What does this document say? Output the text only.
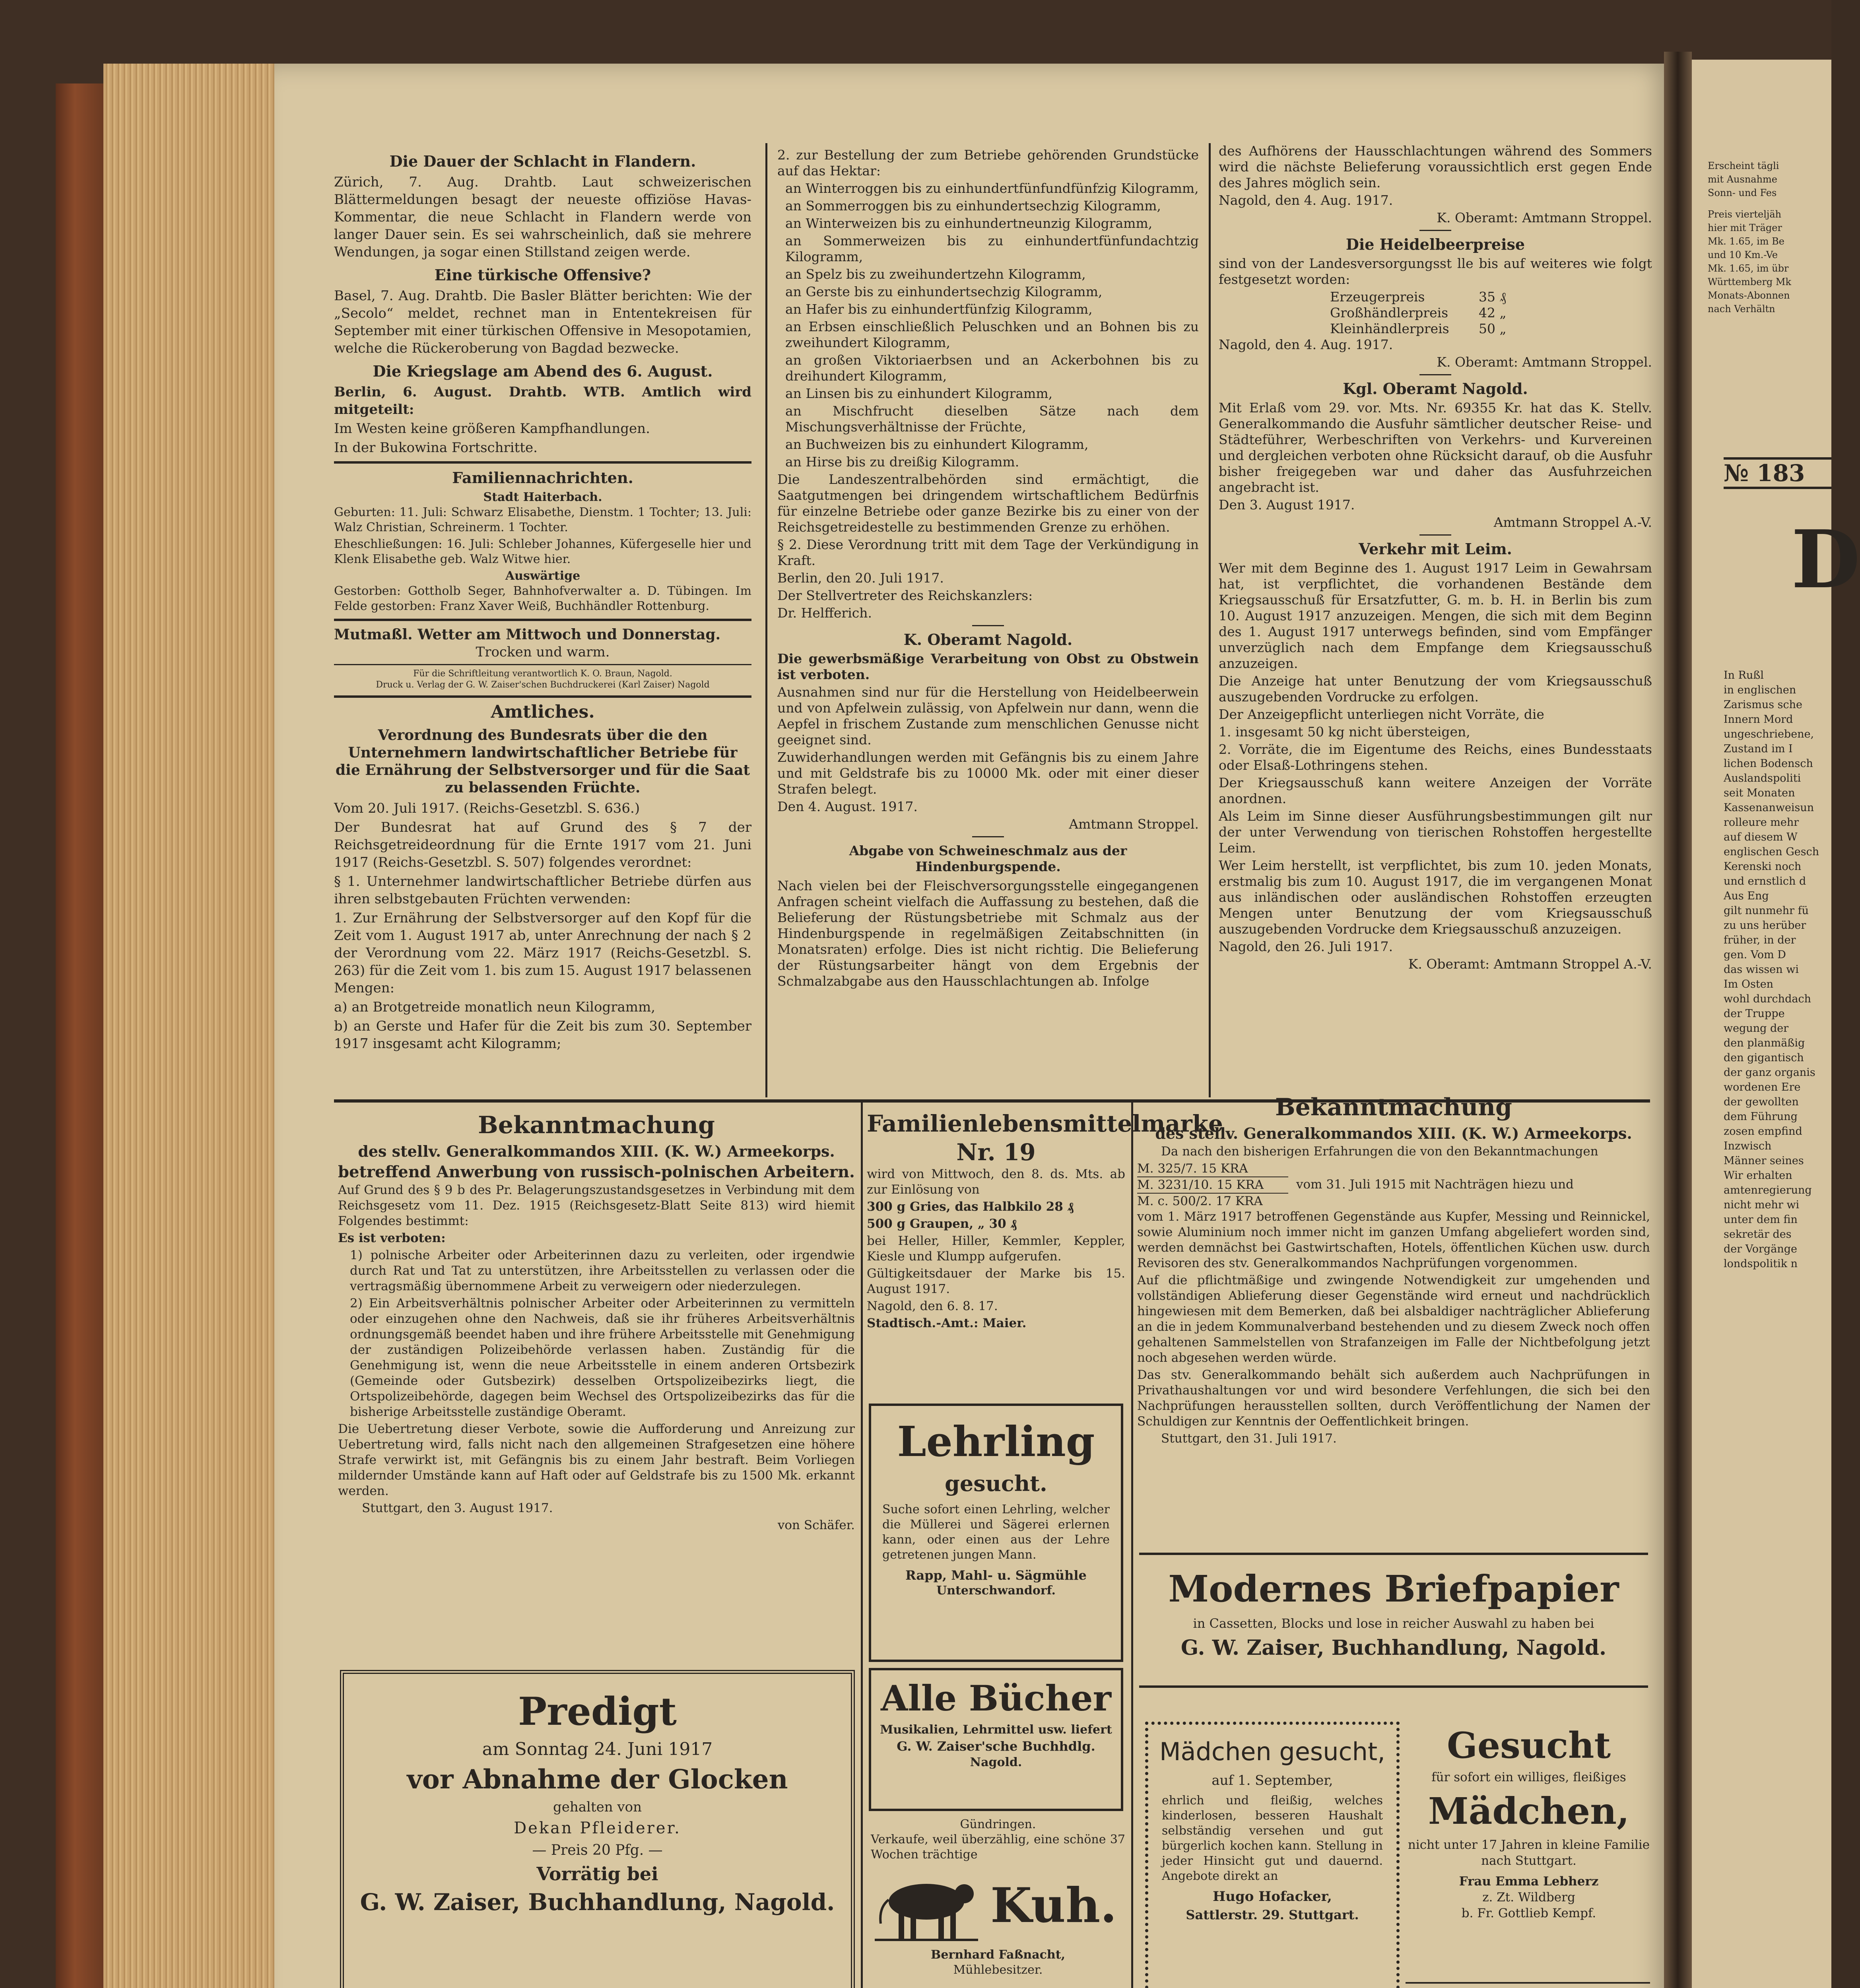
Die Dauer der Schlacht in Flandern.

Zürich, 7. Aug. Drahtb. Laut schweizerischen Blättermeldungen besagt der neueste offiziöse Havas-Kommentar, die neue Schlacht in Flandern werde von langer Dauer sein. Es sei wahrscheinlich, daß sie mehrere Wendungen, ja sogar einen Stillstand zeigen werde.

Eine türkische Offensive?

Basel, 7. Aug. Drahtb. Die Basler Blätter berichten: Wie der „Secolo“ meldet, rechnet man in Ententekreisen für September mit einer türkischen Offensive in Mesopotamien, welche die Rückeroberung von Bagdad bezwecke.

Die Kriegslage am Abend des 6. August.

Berlin, 6. August. Drahtb. WTB. Amtlich wird mitgeteilt:

Im Westen keine größeren Kampfhandlungen.

In der Bukowina Fortschritte.

Familiennachrichten.
Stadt Haiterbach.

Geburten: 11. Juli: Schwarz Elisabethe, Dienstm. 1 Tochter; 13. Juli: Walz Christian, Schreinerm. 1 Tochter.

Eheschließungen: 16. Juli: Schleber Johannes, Küfergeselle hier und Klenk Elisabethe geb. Walz Witwe hier.

Auswärtige

Gestorben: Gottholb Seger, Bahnhofverwalter a. D. Tübingen. Im Felde gestorben: Franz Xaver Weiß, Buchhändler Rottenburg.

Mutmaßl. Wetter am Mittwoch und Donnerstag.
Trocken und warm.
Für die Schriftleitung verantwortlich K. O. Braun, Nagold.
Druck u. Verlag der G. W. Zaiser'schen Buchdruckerei (Karl Zaiser) Nagold
Amtliches.
Verordnung des Bundesrats über die den Unternehmern landwirtschaftlicher Betriebe für die Ernährung der Selbstversorger und für die Saat zu belassenden Früchte.

Vom 20. Juli 1917. (Reichs-Gesetzbl. S. 636.)

Der Bundesrat hat auf Grund des § 7 der Reichsgetreideordnung für die Ernte 1917 vom 21. Juni 1917 (Reichs-Gesetzbl. S. 507) folgendes verordnet:

§ 1. Unternehmer landwirtschaftlicher Betriebe dürfen aus ihren selbstgebauten Früchten verwenden:

1. Zur Ernährung der Selbstversorger auf den Kopf für die Zeit vom 1. August 1917 ab, unter Anrechnung der nach § 2 der Verordnung vom 22. März 1917 (Reichs-Gesetzbl. S. 263) für die Zeit vom 1. bis zum 15. August 1917 belassenen Mengen:

a) an Brotgetreide monatlich neun Kilogramm,

b) an Gerste und Hafer für die Zeit bis zum 30. September 1917 insgesamt acht Kilogramm;

2. zur Bestellung der zum Betriebe gehörenden Grundstücke auf das Hektar:

an Winterroggen bis zu einhundertfünfundfünfzig Kilogramm,

an Sommerroggen bis zu einhundertsechzig Kilogramm,

an Winterweizen bis zu einhundertneunzig Kilogramm,

an Sommerweizen bis zu einhundertfünfundachtzig Kilogramm,

an Spelz bis zu zweihundertzehn Kilogramm,

an Gerste bis zu einhundertsechzig Kilogramm,

an Hafer bis zu einhundertfünfzig Kilogramm,

an Erbsen einschließlich Peluschken und an Bohnen bis zu zweihundert Kilogramm,

an großen Viktoriaerbsen und an Ackerbohnen bis zu dreihundert Kilogramm,

an Linsen bis zu einhundert Kilogramm,

an Mischfrucht dieselben Sätze nach dem Mischungsverhältnisse der Früchte,

an Buchweizen bis zu einhundert Kilogramm,

an Hirse bis zu dreißig Kilogramm.

Die Landeszentralbehörden sind ermächtigt, die Saatgutmengen bei dringendem wirtschaftlichem Bedürfnis für einzelne Betriebe oder ganze Bezirke bis zu einer von der Reichsgetreidestelle zu bestimmenden Grenze zu erhöhen.

§ 2. Diese Verordnung tritt mit dem Tage der Verkündigung in Kraft.

Berlin, den 20. Juli 1917.

Der Stellvertreter des Reichskanzlers:

Dr. Helfferich.

K. Oberamt Nagold.

Die gewerbsmäßige Verarbeitung von Obst zu Obstwein ist verboten.

Ausnahmen sind nur für die Herstellung von Heidelbeerwein und von Apfelwein zulässig, von Apfelwein nur dann, wenn die Aepfel in frischem Zustande zum menschlichen Genusse nicht geeignet sind.

Zuwiderhandlungen werden mit Gefängnis bis zu einem Jahre und mit Geldstrafe bis zu 10000 Mk. oder mit einer dieser Strafen belegt.

Den 4. August. 1917.

Amtmann Stroppel.

Abgabe von Schweineschmalz aus der Hindenburgspende.

Nach vielen bei der Fleischversorgungsstelle eingegangenen Anfragen scheint vielfach die Auffassung zu bestehen, daß die Belieferung der Rüstungsbetriebe mit Schmalz aus der Hindenburgspende in regelmäßigen Zeitabschnitten (in Monatsraten) erfolge. Dies ist nicht richtig. Die Belieferung der Rüstungsarbeiter hängt von dem Ergebnis der Schmalzabgabe aus den Hausschlachtungen ab. Infolge

des Aufhörens der Hausschlachtungen während des Sommers wird die nächste Belieferung voraussichtlich erst gegen Ende des Jahres möglich sein.

Nagold, den 4. Aug. 1917.

K. Oberamt: Amtmann Stroppel.

Die Heidelbeerpreise

sind von der Landesversorgungsst lle bis auf weiteres wie folgt festgesetzt worden:

Erzeugerpreis	35 ₰
Großhändlerpreis	42 „
Kleinhändlerpreis	50 „

Nagold, den 4. Aug. 1917.

K. Oberamt: Amtmann Stroppel.

Kgl. Oberamt Nagold.

Mit Erlaß vom 29. vor. Mts. Nr. 69355 Kr. hat das K. Stellv. Generalkommando die Ausfuhr sämtlicher deutscher Reise- und Städteführer, Werbeschriften von Verkehrs- und Kurvereinen und dergleichen verboten ohne Rücksicht darauf, ob die Ausfuhr bisher freigegeben war und daher das Ausfuhrzeichen angebracht ist.

Den 3. August 1917.

Amtmann Stroppel A.-V.

Verkehr mit Leim.

Wer mit dem Beginne des 1. August 1917 Leim in Gewahrsam hat, ist verpflichtet, die vorhandenen Bestände dem Kriegsausschuß für Ersatzfutter, G. m. b. H. in Berlin bis zum 10. August 1917 anzuzeigen. Mengen, die sich mit dem Beginn des 1. August 1917 unterwegs befinden, sind vom Empfänger unverzüglich nach dem Empfange dem Kriegsausschuß anzuzeigen.

Die Anzeige hat unter Benutzung der vom Kriegsausschuß auszugebenden Vordrucke zu erfolgen.

Der Anzeigepflicht unterliegen nicht Vorräte, die

1. insgesamt 50 kg nicht übersteigen,

2. Vorräte, die im Eigentume des Reichs, eines Bundesstaats oder Elsaß-Lothringens stehen.

Der Kriegsausschuß kann weitere Anzeigen der Vorräte anordnen.

Als Leim im Sinne dieser Ausführungsbestimmungen gilt nur der unter Verwendung von tierischen Rohstoffen hergestellte Leim.

Wer Leim herstellt, ist verpflichtet, bis zum 10. jeden Monats, erstmalig bis zum 10. August 1917, die im vergangenen Monat aus inländischen oder ausländischen Rohstoffen erzeugten Mengen unter Benutzung der vom Kriegsausschuß auszugebenden Vordrucke dem Kriegsausschuß anzuzeigen.

Nagold, den 26. Juli 1917.

K. Oberamt: Amtmann Stroppel A.-V.

Bekanntmachung
des stellv. Generalkommandos XIII. (K. W.) Armeekorps.
betreffend Anwerbung von russisch-polnischen Arbeitern.

Auf Grund des § 9 b des Pr. Belagerungszustandsgesetzes in Verbindung mit dem Reichsgesetz vom 11. Dez. 1915 (Reichsgesetz-Blatt Seite 813) wird hiemit Folgendes bestimmt:

Es ist verboten:

1) polnische Arbeiter oder Arbeiterinnen dazu zu verleiten, oder irgendwie durch Rat und Tat zu unterstützen, ihre Arbeitsstellen zu verlassen oder die vertragsmäßig übernommene Arbeit zu verweigern oder niederzulegen.

2) Ein Arbeitsverhältnis polnischer Arbeiter oder Arbeiterinnen zu vermitteln oder einzugehen ohne den Nachweis, daß sie ihr früheres Arbeitsverhältnis ordnungsgemäß beendet haben und ihre frühere Arbeitsstelle mit Genehmigung der zuständigen Polizeibehörde verlassen haben. Zuständig für die Genehmigung ist, wenn die neue Arbeitsstelle in einem anderen Ortsbezirk (Gemeinde oder Gutsbezirk) desselben Ortspolizeibezirks liegt, die Ortspolizeibehörde, dagegen beim Wechsel des Ortspolizeibezirks das für die bisherige Arbeitsstelle zuständige Oberamt.

Die Uebertretung dieser Verbote, sowie die Aufforderung und Anreizung zur Uebertretung wird, falls nicht nach den allgemeinen Strafgesetzen eine höhere Strafe verwirkt ist, mit Gefängnis bis zu einem Jahr bestraft. Beim Vorliegen mildernder Umstände kann auf Haft oder auf Geldstrafe bis zu 1500 Mk. erkannt werden.

Stuttgart, den 3. August 1917.

von Schäfer.

Predigt
am Sonntag 24. Juni 1917
vor Abnahme der Glocken
gehalten von
Dekan Pfleiderer.
— Preis 20 Pfg. —
Vorrätig bei
G. W. Zaiser, Buchhandlung, Nagold.
Familienlebensmittelmarke Nr. 19

wird von Mittwoch, den 8. ds. Mts. ab zur Einlösung von

300 g Gries, das Halbkilo 28 ₰

500 g Graupen, „ 30 ₰

bei Heller, Hiller, Kemmler, Keppler, Kiesle und Klumpp aufgerufen.

Gültigkeitsdauer der Marke bis 15. August 1917.

Nagold, den 6. 8. 17.

Stadtisch.-Amt.: Maier.

Lehrling
gesucht.

Suche sofort einen Lehrling, welcher die Müllerei und Sägerei erlernen kann, oder einen aus der Lehre getretenen jungen Mann.

Rapp, Mahl- u. Sägmühle
Unterschwandorf.
Alle Bücher
Musikalien, Lehrmittel usw. liefert
G. W. Zaiser'sche Buchhdlg.
Nagold.
Gündringen.

Verkaufe, weil überzählig, eine schöne 37 Wochen trächtige

Kuh.
Bernhard Faßnacht,
Mühlebesitzer.
Bekanntmachung
des stellv. Generalkommandos XIII. (K. W.) Armeekorps.

Da nach den bisherigen Erfahrungen die von den Bekanntmachungen

M. 325/7. 15 KRA
M. 3231/10. 15 KRA
M. c. 500/2. 17 KRA
vom 31. Juli 1915 mit Nachträgen hiezu und

vom 1. März 1917 betroffenen Gegenstände aus Kupfer, Messing und Reinnickel, sowie Aluminium noch immer nicht im ganzen Umfang abgeliefert worden sind, werden demnächst bei Gastwirtschaften, Hotels, öffentlichen Küchen usw. durch Revisoren des stv. Generalkommandos Nachprüfungen vorgenommen.

Auf die pflichtmäßige und zwingende Notwendigkeit zur umgehenden und vollständigen Ablieferung dieser Gegenstände wird erneut und nachdrücklich hingewiesen mit dem Bemerken, daß bei alsbaldiger nachträglicher Ablieferung an die in jedem Kommunalverband bestehenden und zu diesem Zweck noch offen gehaltenen Sammelstellen von Strafanzeigen im Falle der Nichtbefolgung jetzt noch abgesehen werden würde.

Das stv. Generalkommando behält sich außerdem auch Nachprüfungen in Privathaushaltungen vor und wird besondere Verfehlungen, die sich bei den Nachprüfungen herausstellen sollten, durch Veröffentlichung der Namen der Schuldigen zur Kenntnis der Oeffentlichkeit bringen.

Stuttgart, den 31. Juli 1917.

Modernes Briefpapier
in Cassetten, Blocks und lose in reicher Auswahl zu haben bei
G. W. Zaiser, Buchhandlung, Nagold.
Mädchen gesucht,
auf 1. September,

ehrlich und fleißig, welches kinderlosen, besseren Haushalt selbständig versehen und gut bürgerlich kochen kann. Stellung in jeder Hinsicht gut und dauernd. Angebote direkt an

Hugo Hofacker,
Sattlerstr. 29. Stuttgart.
Gesucht
für sofort ein williges, fleißiges
Mädchen,
nicht unter 17 Jahren in kleine Familie nach Stuttgart.
Frau Emma Lebherz
z. Zt. Wildberg
b. Fr. Gottlieb Kempf.
Erscheint tägli
mit Ausnahme
Sonn- und Fes
Preis vierteljäh
hier mit Träger
Mk. 1.65, im Be
und 10 Km.-Ve
Mk. 1.65, im übr
Württemberg Mk
Monats-Abonnen
nach Verhältn
№ 183
D
In Rußl
in englischen
Zarismus sche
Innern Mord
ungeschriebene,
Zustand im I
lichen Bodensch
Auslandspoliti
seit Monaten
Kassenanweisun
rolleure mehr
auf diesem W
englischen Gesch
Kerenski noch
und ernstlich d
Aus Eng
gilt nunmehr fü
zu uns herüber
früher, in der
gen. Vom D
das wissen wi
Im Osten
wohl durchdach
der Truppe
wegung der
den planmäßig
den gigantisch
der ganz organis
wordenen Ere
der gewollten
dem Führung
zosen empfind
Inzwisch
Männer seines
Wir erhalten
amtenregierung
nicht mehr wi
unter dem fin
sekretär des
der Vorgänge
londspolitik n
